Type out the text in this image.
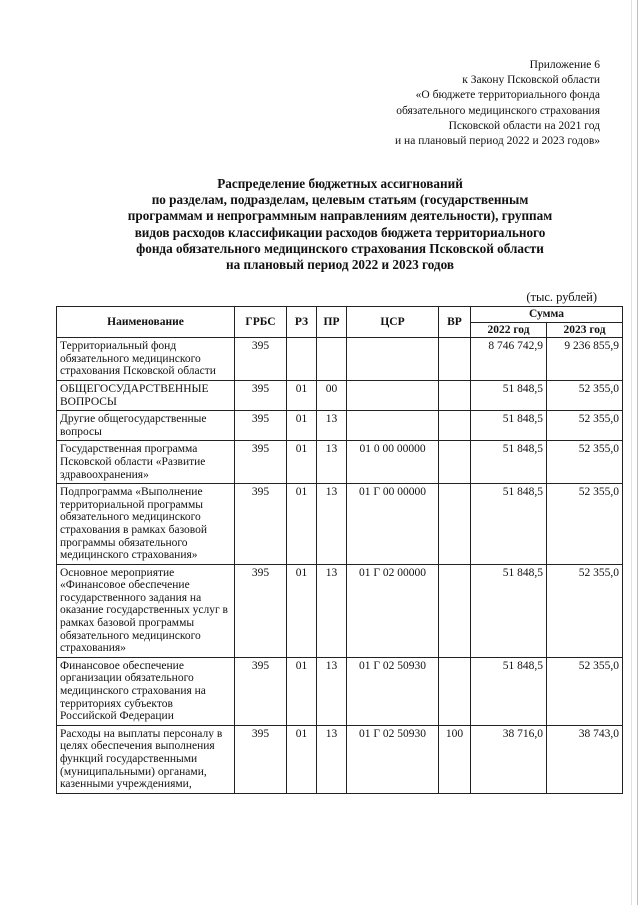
Приложение 6
к Закону Псковской области
«О бюджете территориального фонда
обязательного медицинского страхования
Псковской области на 2021 год
и на плановый период 2022 и 2023 годов»
Распределение бюджетных ассигнований
по разделам, подразделам, целевым статьям (государственным
программам и непрограммным направлениям деятельности), группам
видов расходов классификации расходов бюджета территориального
фонда обязательного медицинского страхования Псковской области
на плановый период 2022 и 2023 годов
(тыс. рублей)
Наименование	ГРБС	РЗ	ПР	ЦСР	ВР	Сумма	
						2022 год	2023 год
Территориальный фонд обязательного медицинского страхования Псковской области	395					8 746 742,9	9 236 855,9
ОБЩЕГОСУДАРСТВЕННЫЕ ВОПРОСЫ	395	01	00			51 848,5	52 355,0
Другие общегосударственные вопросы	395	01	13			51 848,5	52 355,0
Государственная программа Псковской области «Развитие здравоохранения»	395	01	13	01 0 00 00000		51 848,5	52 355,0
Подпрограмма «Выполнение территориальной программы обязательного медицинского страхования в рамках базовой программы обязательного медицинского страхования»	395	01	13	01 Г 00 00000		51 848,5	52 355,0
Основное мероприятие «Финансовое обеспечение государственного задания на оказание государственных услуг в рамках базовой программы обязательного медицинского страхования»	395	01	13	01 Г 02 00000		51 848,5	52 355,0
Финансовое обеспечение организации обязательного медицинского страхования на территориях субъектов Российской Федерации	395	01	13	01 Г 02 50930		51 848,5	52 355,0
Расходы на выплаты персоналу в целях обеспечения выполнения функций государственными (муниципальными) органами, казенными учреждениями,	395	01	13	01 Г 02 50930	100	38 716,0	38 743,0
